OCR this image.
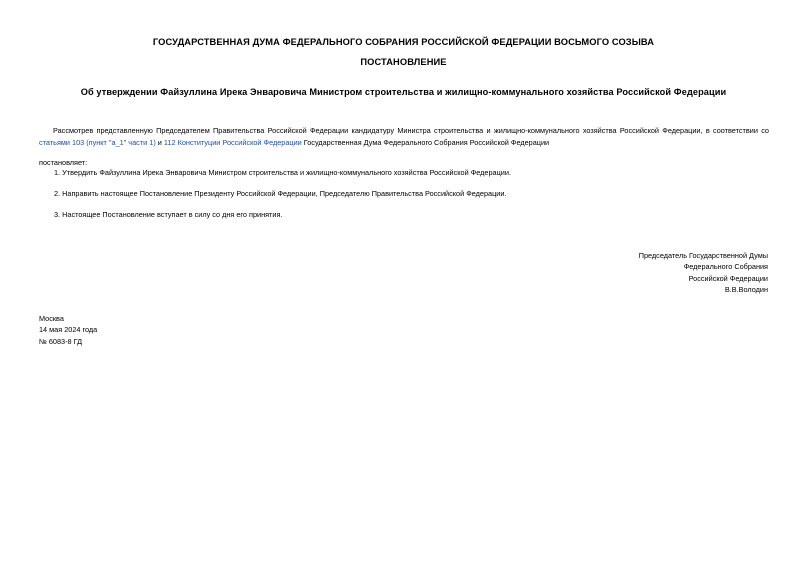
ГОСУДАРСТВЕННАЯ ДУМА ФЕДЕРАЛЬНОГО СОБРАНИЯ РОССИЙСКОЙ ФЕДЕРАЦИИ ВОСЬМОГО СОЗЫВА
ПОСТАНОВЛЕНИЕ
Об утверждении Файзуллина Ирека Энваровича Министром строительства и жилищно-коммунального хозяйства Российской Федерации
Рассмотрев представленную Председателем Правительства Российской Федерации кандидатуру Министра строительства и жилищно-коммунального хозяйства Российской Федерации, в соответствии со статьями 103 (пункт "а_1" части 1) и 112 Конституции Российской Федерации Государственная Дума Федерального Собрания Российской Федерации
постановляет:
1. Утвердить Файзуллина Ирека Энваровича Министром строительства и жилищно-коммунального хозяйства Российской Федерации.
2. Направить настоящее Постановление Президенту Российской Федерации, Председателю Правительства Российской Федерации.
3. Настоящее Постановление вступает в силу со дня его принятия.
Председатель Государственной Думы
Федерального Собрания
Российской Федерации
В.В.Володин
Москва
14 мая 2024 года
№ 6083-8 ГД
